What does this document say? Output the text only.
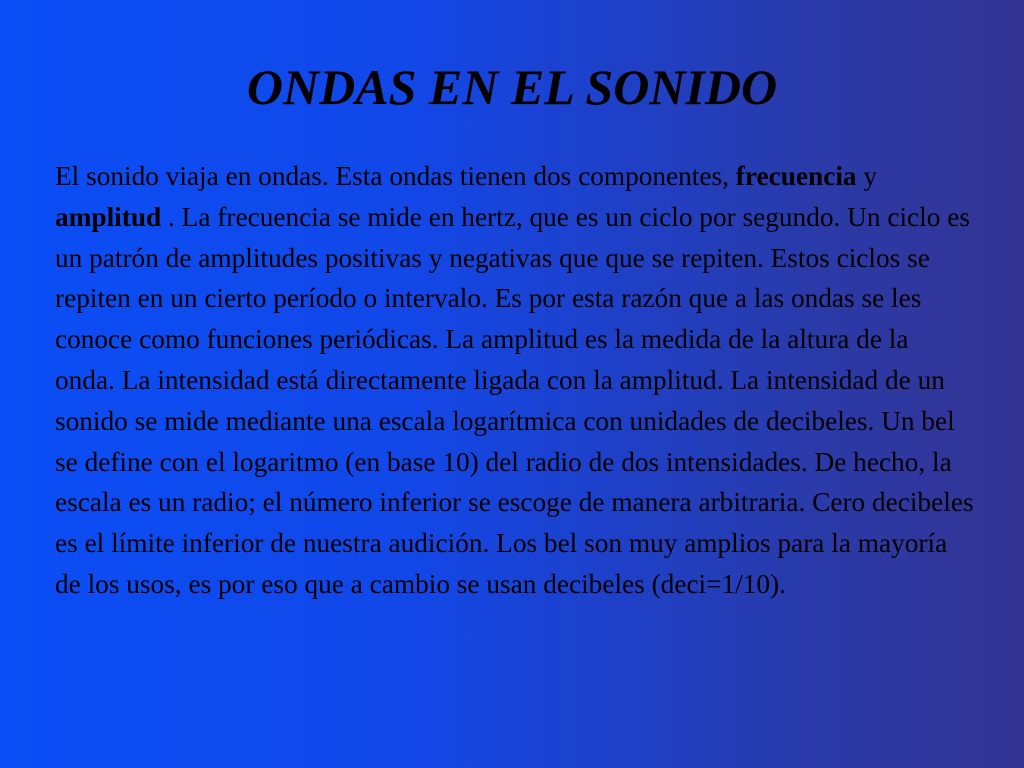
ONDAS EN EL SONIDO

El sonido viaja en ondas. Esta ondas tienen dos componentes, frecuencia y amplitud . La frecuencia se mide en hertz, que es un ciclo por segundo. Un ciclo es un patrón de amplitudes positivas y negativas que que se repiten. Estos ciclos se repiten en un cierto período o intervalo. Es por esta razón que a las ondas se les conoce como funciones periódicas. La amplitud es la medida de la altura de la onda. La intensidad está directamente ligada con la amplitud. La intensidad de un sonido se mide mediante una escala logarítmica con unidades de decibeles. Un bel se define con el logaritmo (en base 10) del radio de dos intensidades. De hecho, la escala es un radio; el número inferior se escoge de manera arbitraria. Cero decibeles es el límite inferior de nuestra audición. Los bel son muy amplios para la mayoría de los usos, es por eso que a cambio se usan decibeles (deci=1/10).
